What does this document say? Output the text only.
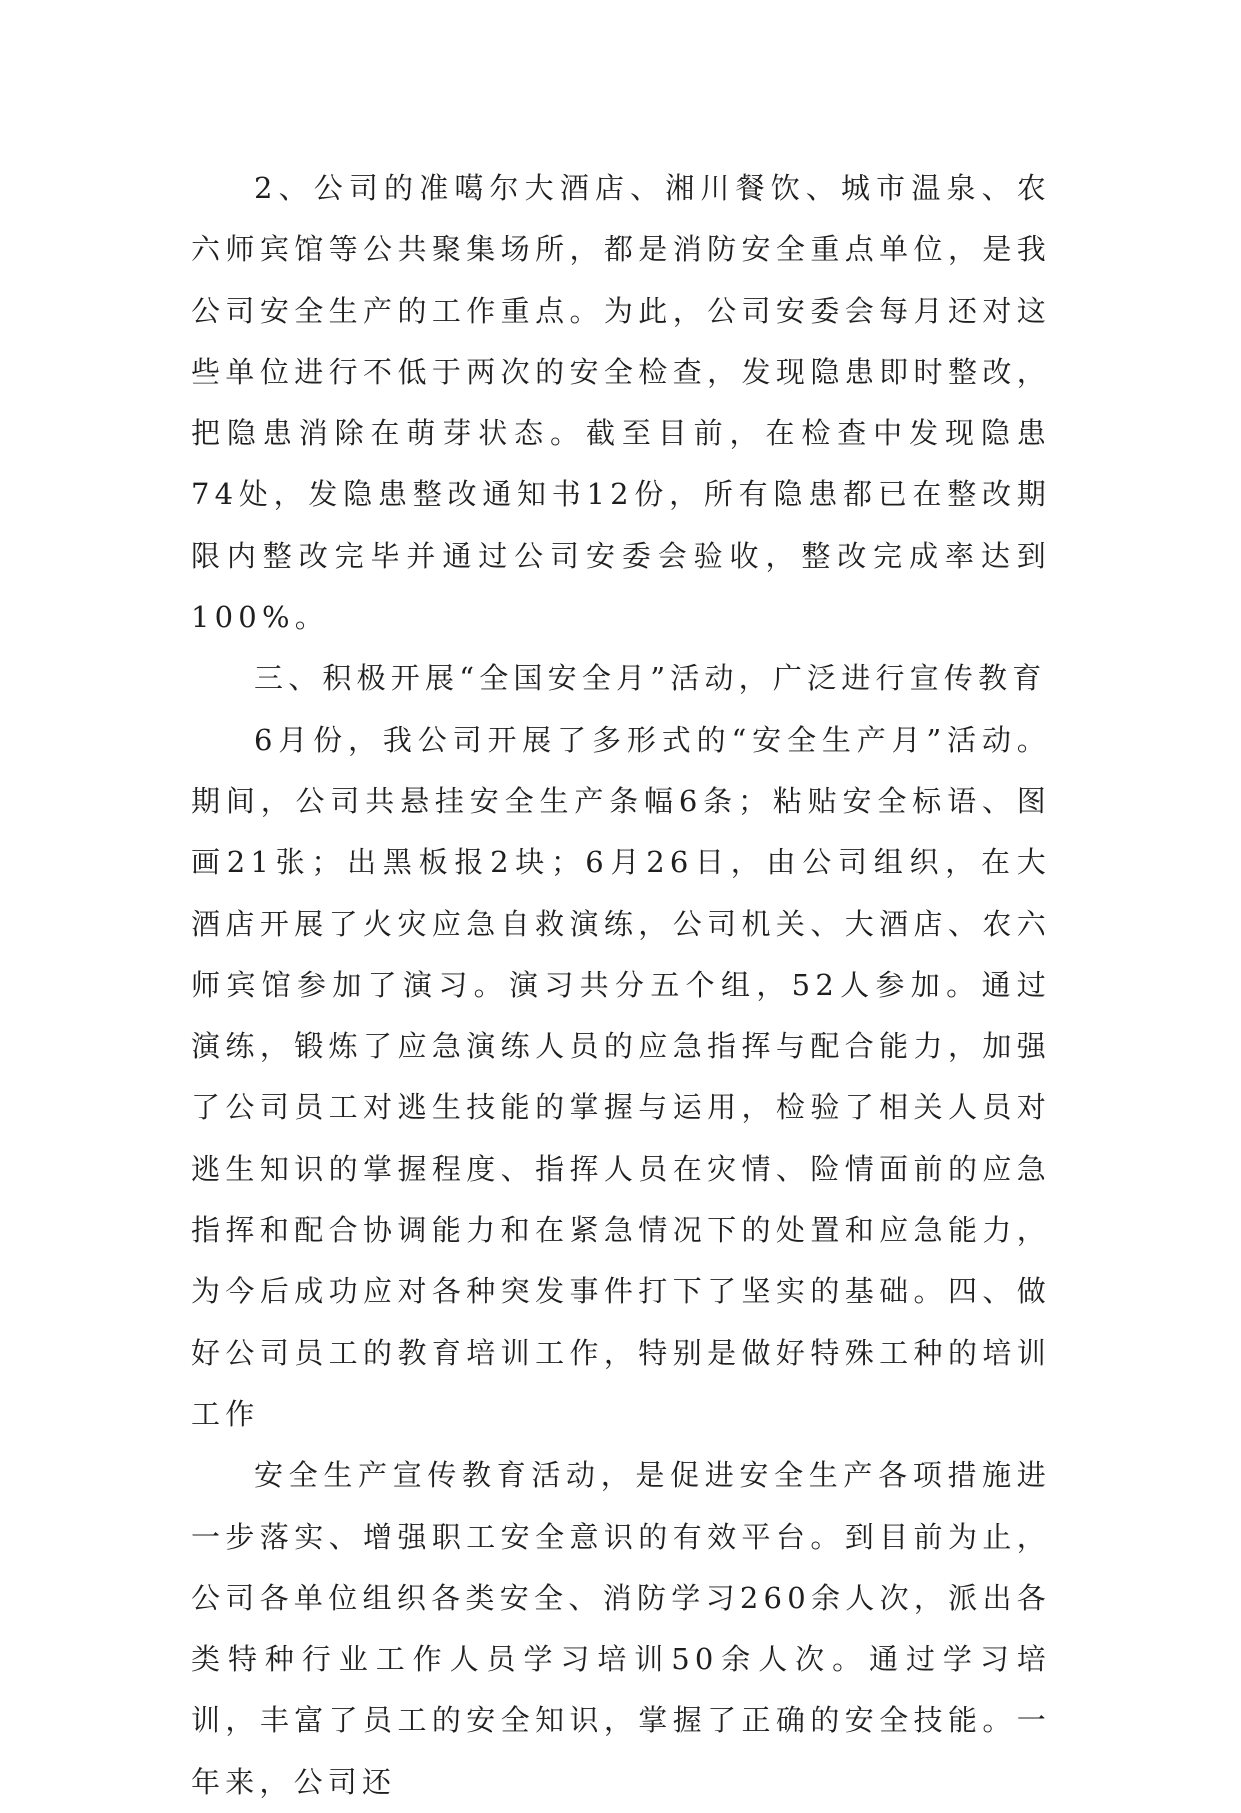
2、公司的准噶尔大酒店、湘川餐饮、城市温泉、农六师宾馆等公共聚集场所，都是消防安全重点单位，是我公司安全生产的工作重点。为此，公司安委会每月还对这些单位进行不低于两次的安全检查，发现隐患即时整改，把隐患消除在萌芽状态。截至目前，在检查中发现隐患74处，发隐患整改通知书12份，所有隐患都已在整改期限内整改完毕并通过公司安委会验收，整改完成率达到100%。

三、积极开展“全国安全月”活动，广泛进行宣传教育

6月份，我公司开展了多形式的“安全生产月”活动。期间，公司共悬挂安全生产条幅6条；粘贴安全标语、图画21张；出黑板报2块；6月26日，由公司组织，在大酒店开展了火灾应急自救演练，公司机关、大酒店、农六师宾馆参加了演习。演习共分五个组，52人参加。通过演练，锻炼了应急演练人员的应急指挥与配合能力，加强了公司员工对逃生技能的掌握与运用，检验了相关人员对逃生知识的掌握程度、指挥人员在灾情、险情面前的应急指挥和配合协调能力和在紧急情况下的处置和应急能力，为今后成功应对各种突发事件打下了坚实的基础。四、做好公司员工的教育培训工作，特别是做好特殊工种的培训工作

安全生产宣传教育活动，是促进安全生产各项措施进一步落实、增强职工安全意识的有效平台。到目前为止，公司各单位组织各类安全、消防学习260余人次，派出各类特种行业工作人员学习培训50余人次。通过学习培训，丰富了员工的安全知识，掌握了正确的安全技能。一年来，公司还
